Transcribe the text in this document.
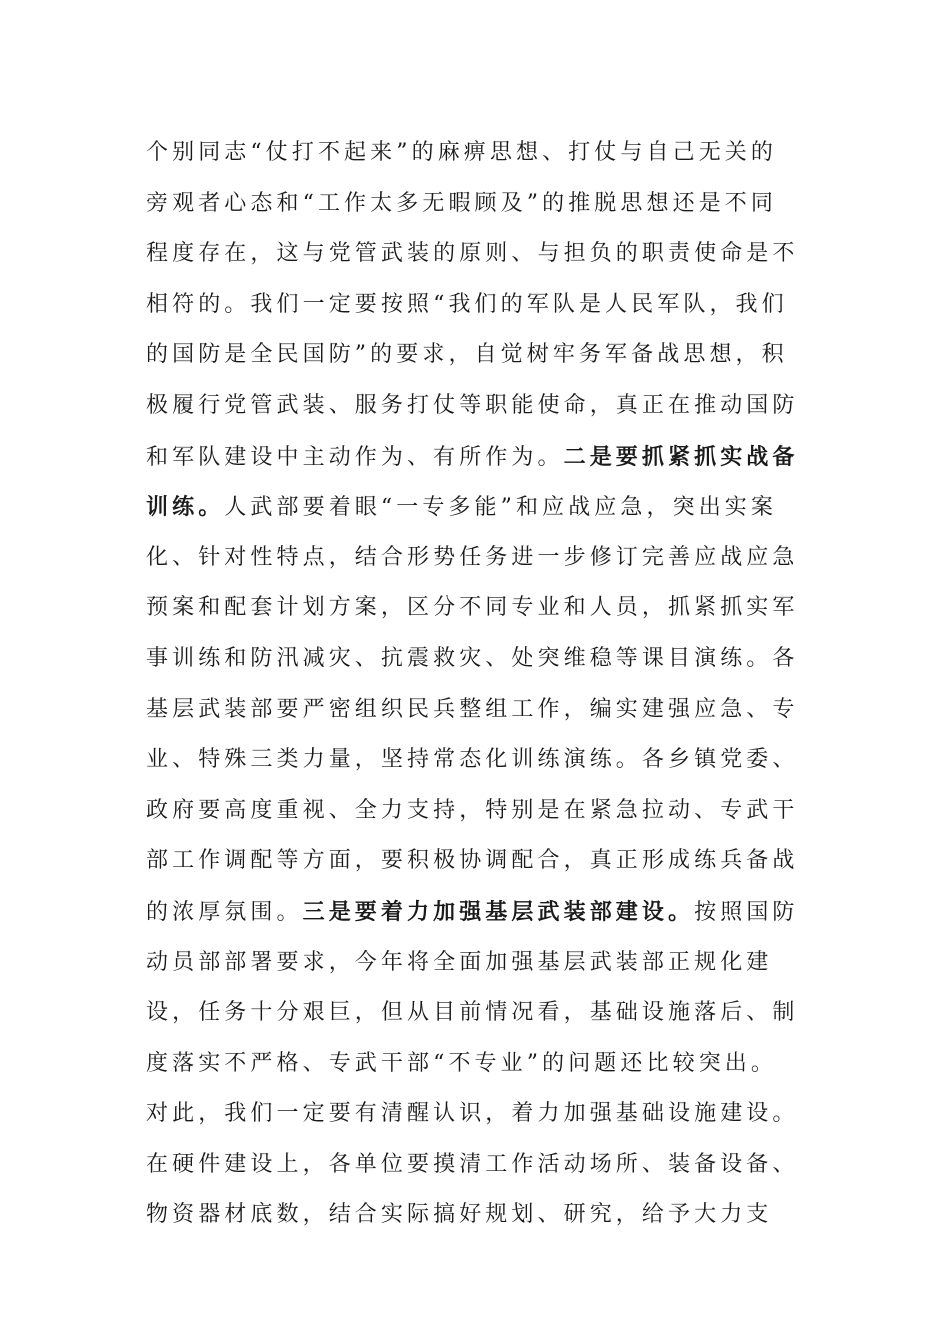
个别同志“仗打不起来”的麻痹思想、打仗与自己无关的
旁观者心态和“工作太多无暇顾及”的推脱思想还是不同
程度存在，这与党管武装的原则、与担负的职责使命是不
相符的。我们一定要按照“我们的军队是人民军队，我们
的国防是全民国防”的要求，自觉树牢务军备战思想，积
极履行党管武装、服务打仗等职能使命，真正在推动国防
和军队建设中主动作为、有所作为。二是要抓紧抓实战备
训练。人武部要着眼“一专多能”和应战应急，突出实案
化、针对性特点，结合形势任务进一步修订完善应战应急
预案和配套计划方案，区分不同专业和人员，抓紧抓实军
事训练和防汛减灾、抗震救灾、处突维稳等课目演练。各
基层武装部要严密组织民兵整组工作，编实建强应急、专
业、特殊三类力量，坚持常态化训练演练。各乡镇党委、
政府要高度重视、全力支持，特别是在紧急拉动、专武干
部工作调配等方面，要积极协调配合，真正形成练兵备战
的浓厚氛围。三是要着力加强基层武装部建设。按照国防
动员部部署要求，今年将全面加强基层武装部正规化建
设，任务十分艰巨，但从目前情况看，基础设施落后、制
度落实不严格、专武干部“不专业”的问题还比较突出。
对此，我们一定要有清醒认识，着力加强基础设施建设。
在硬件建设上，各单位要摸清工作活动场所、装备设备、
物资器材底数，结合实际搞好规划、研究，给予大力支
